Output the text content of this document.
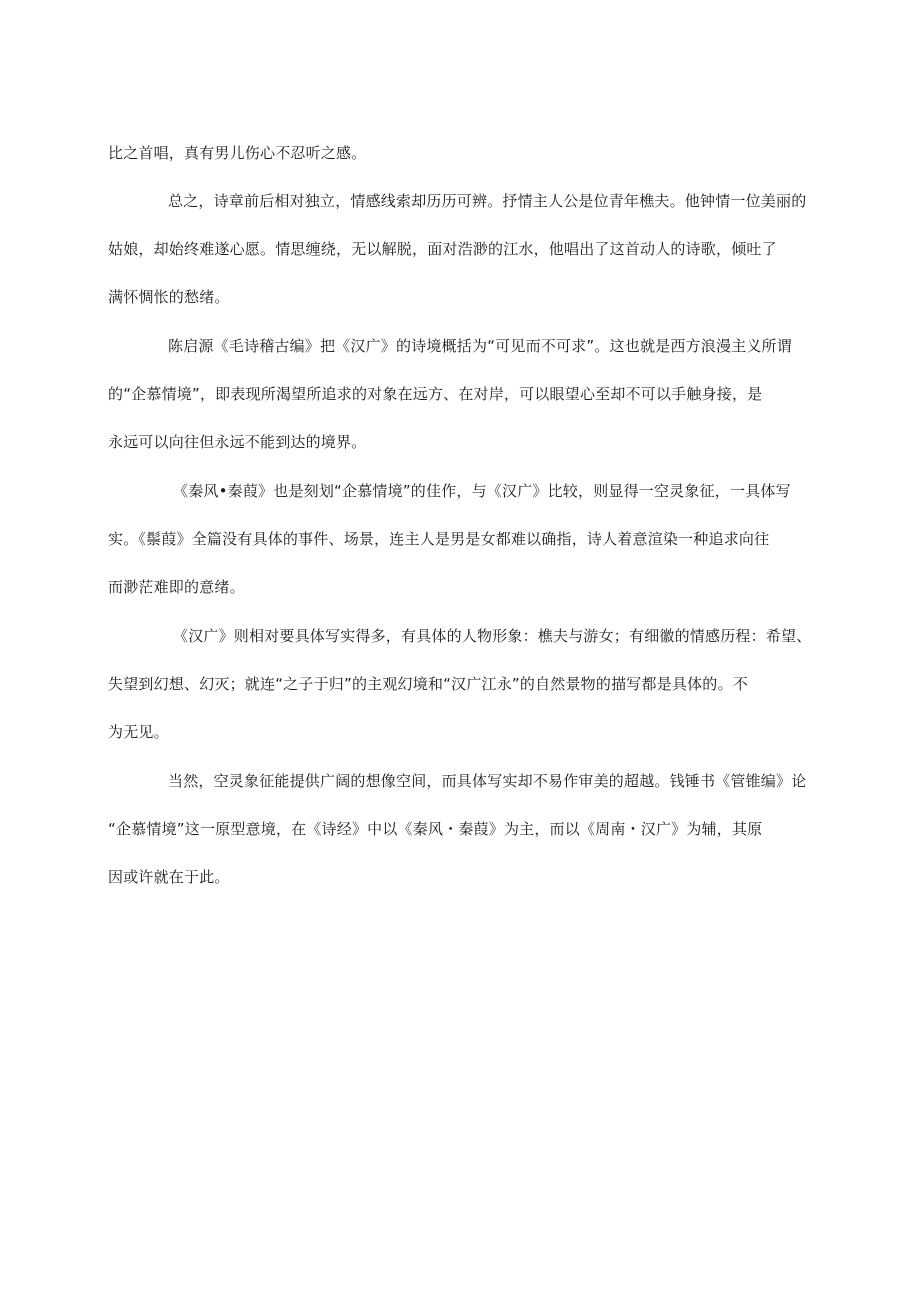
比之首唱，真有男儿伤心不忍听之感。
总之，诗章前后相对独立，情感线索却历历可辨。抒情主人公是位青年樵夫。他钟情一位美丽的
姑娘，却始终难遂心愿。情思缠绕，无以解脱，面对浩渺的江水，他唱出了这首动人的诗歌，倾吐了
满怀惆怅的愁绪。
陈启源《毛诗稽古编》把《汉广》的诗境概括为“可见而不可求”。这也就是西方浪漫主义所谓
的“企慕情境”，即表现所渴望所追求的对象在远方、在对岸，可以眼望心至却不可以手触身接，是
永远可以向往但永远不能到达的境界。
《秦风•秦葭》也是刻划“企慕情境”的佳作，与《汉广》比较，则显得一空灵象征，一具体写
实。《鬃葭》全篇没有具体的事件、场景，连主人是男是女都难以确指，诗人着意渲染一种追求向往
而渺茫难即的意绪。
《汉广》则相对要具体写实得多，有具体的人物形象：樵夫与游女；有细徽的情感历程：希望、
失望到幻想、幻灭；就连“之子于归”的主观幻境和“汉广江永”的自然景物的描写都是具体的。不
为无见。
当然，空灵象征能提供广阔的想像空间，而具体写实却不易作审美的超越。钱锤书《管锥编》论
“企慕情境”这一原型意境，在《诗经》中以《秦风・秦葭》为主，而以《周南・汉广》为辅，其原
因或许就在于此。
